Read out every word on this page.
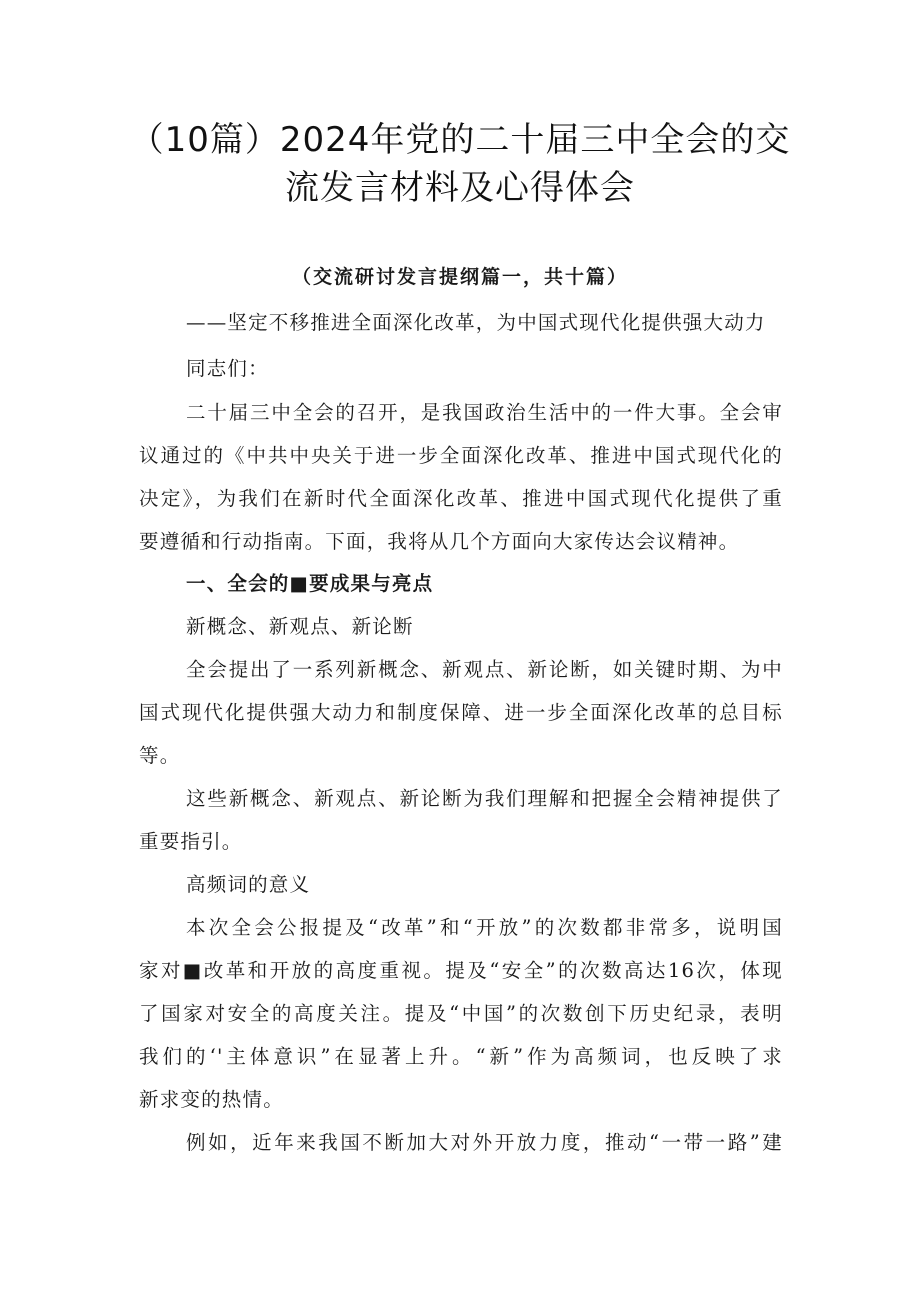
（10篇）2024年党的二十届三中全会的交
流发言材料及心得体会
（交流研讨发言提纲篇一，共十篇）
——坚定不移推进全面深化改革，为中国式现代化提供强大动力
同志们：
二十届三中全会的召开，是我国政治生活中的一件大事。全会审
议通过的《中共中央关于进一步全面深化改革、推进中国式现代化的
决定》，为我们在新时代全面深化改革、推进中国式现代化提供了重
要遵循和行动指南。下面，我将从几个方面向大家传达会议精神。
一、全会的■要成果与亮点
新概念、新观点、新论断
全会提出了一系列新概念、新观点、新论断，如关键时期、为中
国式现代化提供强大动力和制度保障、进一步全面深化改革的总目标
等。
这些新概念、新观点、新论断为我们理解和把握全会精神提供了
重要指引。
高频词的意义
本次全会公报提及“改革”和“开放”的次数都非常多，说明国
家对■改革和开放的高度重视。提及“安全”的次数高达16次，体现
了国家对安全的高度关注。提及“中国”的次数创下历史纪录，表明
我们的‘'主体意识”在显著上升。“新”作为高频词，也反映了求
新求变的热情。
例如，近年来我国不断加大对外开放力度，推动“一带一路”建
